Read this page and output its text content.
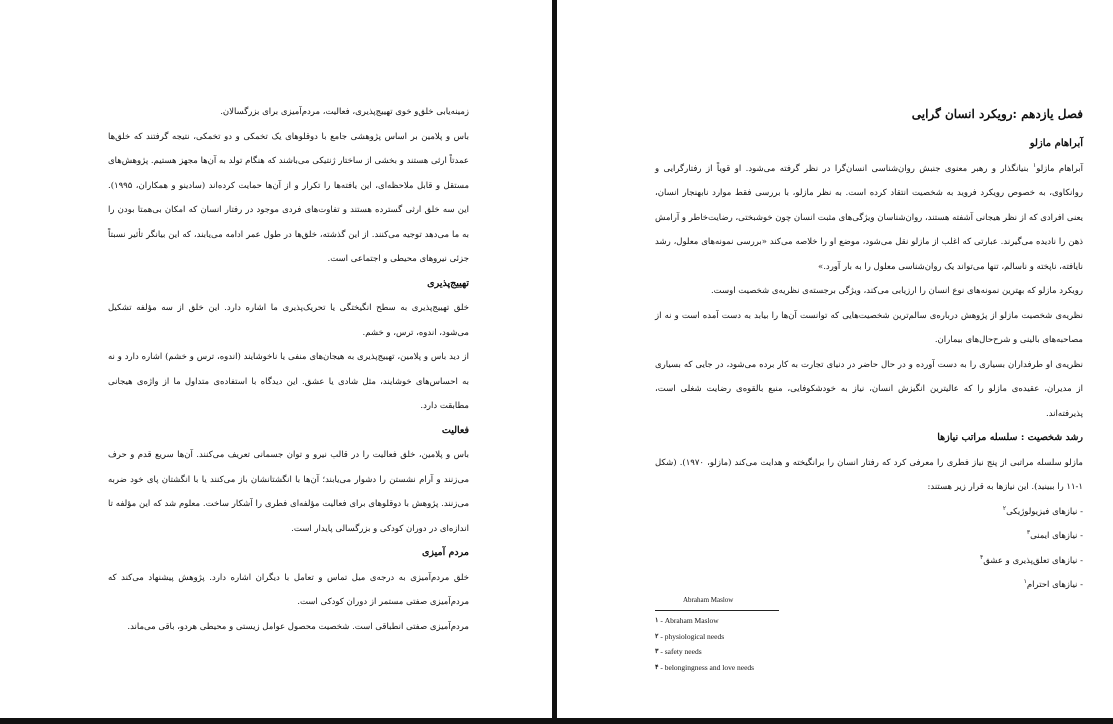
زمینه‌یابی خلق‌و خوی تهییج‌پذیری، فعالیت، مردم‌آمیزی برای بزرگسالان.

باس و پلامین بر اساس پژوهشی جامع با دوقلوهای یک تخمکی و دو تخمکی، نتیجه گرفتند که خلق‌ها عمدتاً ارثی هستند و بخشی از ساختار ژنتیکی می‌باشند که هنگام تولد به آن‌ها مجهز هستیم. پژوهش‌های مستقل و قابل ملاحظه‌ای، این یافته‌ها را تکرار و از آن‌ها حمایت کرده‌اند (سادینو و همکاران، ۱۹۹۵). این سه خلق ارثی گسترده هستند و تفاوت‌های فردی موجود در رفتار انسان که امکان بی‌همتا بودن را به ما می‌دهد توجیه می‌کنند. از این گذشته، خلق‌ها در طول عمر ادامه می‌یابند، که این بیانگر تأثیر نسبتاً جزئی نیروهای محیطی و اجتماعی است.

تهییج‌پذیری

خلق تهییج‌پذیری به سطح انگیختگی یا تحریک‌پذیری ما اشاره دارد. این خلق از سه مؤلفه تشکیل می‌شود، اندوه، ترس، و خشم.

از دید باس و پلامین، تهییج‌پذیری به هیجان‌های منفی یا ناخوشایند (اندوه، ترس و خشم) اشاره دارد و نه به احساس‌های خوشایند، مثل شادی یا عشق. این دیدگاه با استفاده‌ی متداول ما از واژه‌ی هیجانی مطابقت دارد.

فعالیت

باس و پلامین، خلق فعالیت را در قالب نیرو و توان جسمانی تعریف می‌کنند. آن‌ها سریع قدم و حرف می‌زنند و آرام نشستن را دشوار می‌یابند؛ آن‌ها با انگشتانشان باز می‌کنند یا با انگشتان پای خود ضربه می‌زنند. پژوهش با دوقلوهای برای فعالیت مؤلفه‌ای فطری را آشکار ساخت. معلوم شد که این مؤلفه تا اندازه‌ای در دوران کودکی و بزرگسالی پایدار است.

مردم آمیزی

خلق مردم‌آمیزی به درجه‌ی میل تماس و تعامل با دیگران اشاره دارد. پژوهش پیشنهاد می‌کند که مردم‌آمیزی صفتی مستمر از دوران کودکی است.

مردم‌آمیزی صفتی انطباقی است. شخصیت محصول عوامل زیستی و محیطی هردو، باقی می‌ماند.

فصل یازدهم :رویکرد انسان گرایی

آبراهام مازلو

آبراهام مازلو$^۱$ بنیانگذار و رهبر معنوی جنبش روان‌شناسی انسان‌گرا در نظر گرفته می‌شود. او قویاً از رفتارگرایی و روانکاوی، به خصوص رویکرد فروید به شخصیت انتقاد کرده است. به نظر مازلو، با بررسی فقط موارد نابهنجار انسان، یعنی افرادی که از نظر هیجانی آشفته هستند، روان‌شناسان ویژگی‌های مثبت انسان چون خوشبختی، رضایت‌خاطر و آرامش ذهن را نادیده می‌گیرند. عبارتی که اغلب از مازلو نقل می‌شود، موضع او را خلاصه می‌کند «بررسی نمونه‌های معلول، رشد نایافته، ناپخته و ناسالم، تنها می‌تواند یک روان‌شناسی معلول را به بار آورد.»

رویکرد مازلو که بهترین نمونه‌های نوع انسان را ارزیابی می‌کند، ویژگی برجسته‌ی نظریه‌ی شخصیت اوست.

نظریه‌ی شخصیت مازلو از پژوهش درباره‌ی سالم‌ترین شخصیت‌هایی که توانست آن‌ها را بیابد به دست آمده است و نه از مصاحبه‌های بالینی و شرح‌حال‌های بیماران.

نظریه‌ی او طرفداران بسیاری را به دست آورده و در حال حاضر در دنیای تجارت به کار برده می‌شود، در جایی که بسیاری از مدیران، عقیده‌ی مازلو را که عالیترین انگیزش انسان، نیاز به خودشکوفایی، منبع بالقوه‌ی رضایت شغلی است، پذیرفته‌اند.

رشد شخصیت : سلسله مراتب نیازها

مازلو سلسله مراتبی از پنج نیاز فطری را معرفی کرد که رفتار انسان را برانگیخته و هدایت می‌کند (مازلو، ۱۹۷۰). (شکل ۱-۱۱ را ببینید). این نیازها به قرار زیر هستند:

- نیازهای فیزیولوژیکی$^۲$

- نیازهای ایمنی$^۳$

- نیازهای تعلق‌پذیری و عشق$^۴$

- نیازهای احترام$^۱$

Abraham Maslow

۱ - Abraham Maslow

۲ - physiological needs

۳ - safety needs

۴ - belongingness and love needs
